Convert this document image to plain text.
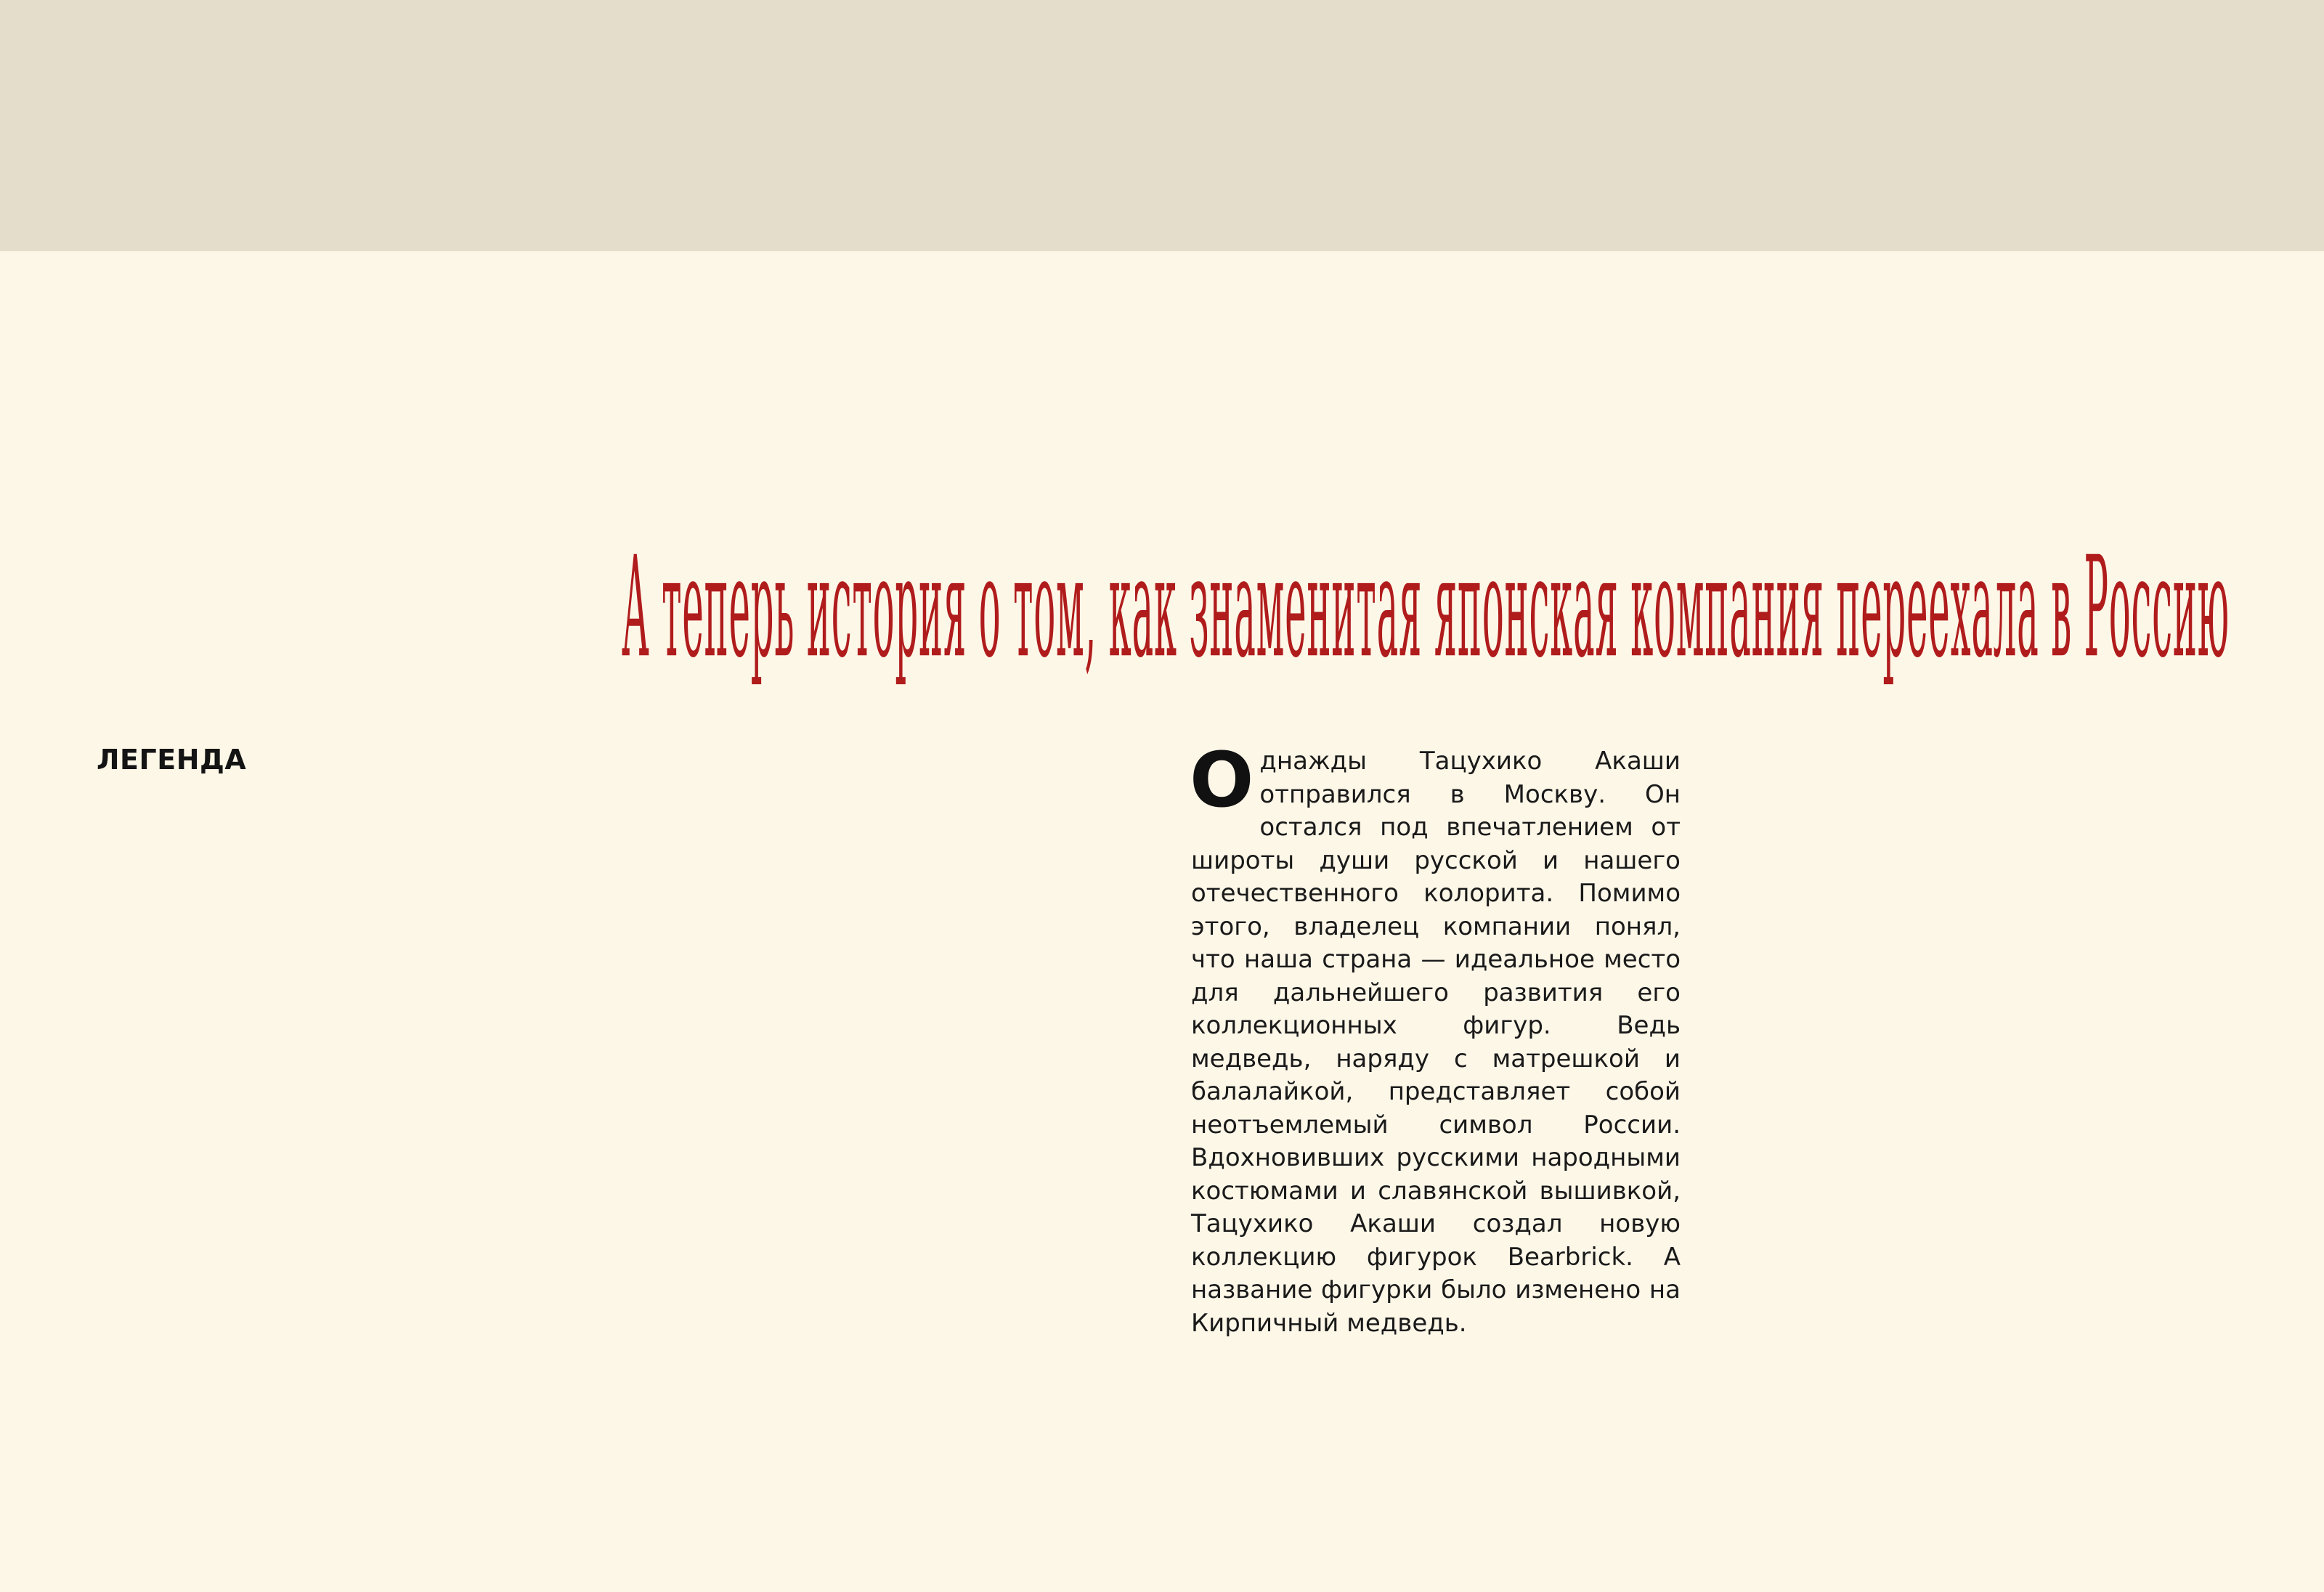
А теперь история о том, как знаменитая японская компания переехала в Россию
ЛЕГЕНДА	Однажды Тацухико Акаши отправился в Москву. Он остался под впечатлением от широты души русской и нашего отечественного колорита. Помимо этого, владелец компании понял, что наша страна — идеальное место для дальнейшего развития его коллекционных фигур. Ведь медведь, наряду с матрешкой и балалайкой, представляет собой неотъемлемый символ России. Вдохновивших русскими народными костюмами и славянской вышивкой, Тацухико Акаши создал новую коллекцию фигурок Bearbrick. А название фигурки было изменено на Кирпичный медведь.
